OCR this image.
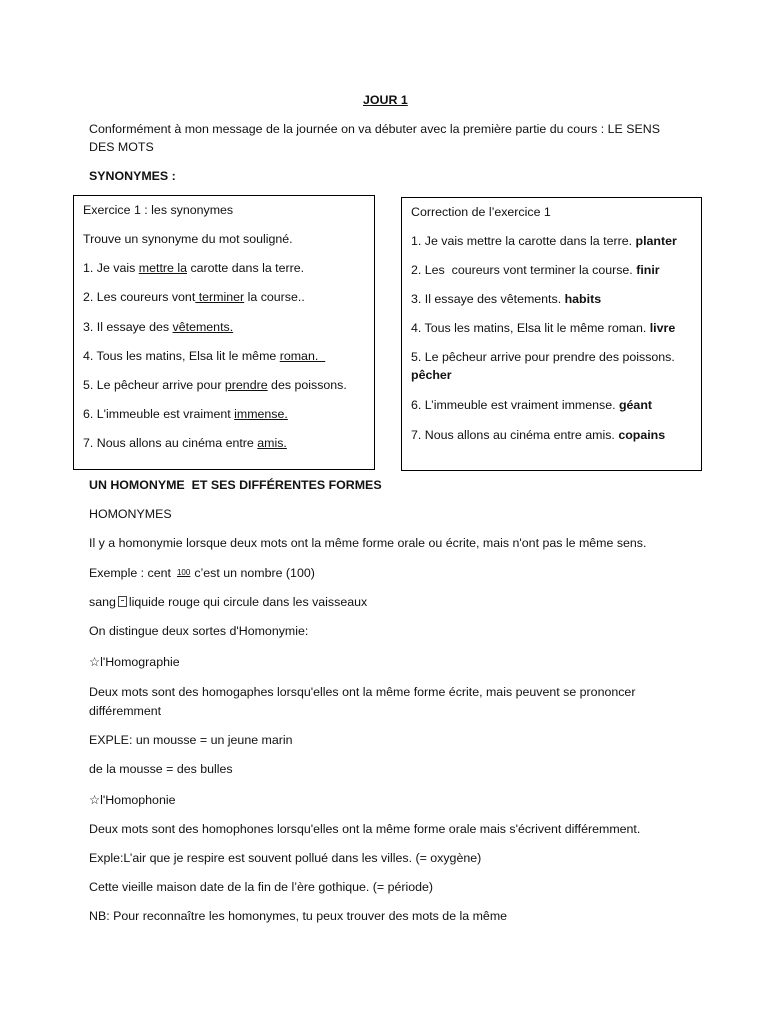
JOUR 1
Conformément à mon message de la journée on va débuter avec la première partie du cours : LE SENS
DES MOTS
SYNONYMES :
Exercice 1 : les synonymes
Trouve un synonyme du mot souligné.
1. Je vais mettre la carotte dans la terre.
2. Les coureurs vont terminer la course..
3. Il essaye des vêtements.
4. Tous les matins, Elsa lit le même roman.
5. Le pêcheur arrive pour prendre des poissons.
6. L'immeuble est vraiment immense.
7. Nous allons au cinéma entre amis.
Correction de l’exercice 1
1. Je vais mettre la carotte dans la terre. planter
2. Les  coureurs vont terminer la course. finir
3. Il essaye des vêtements. habits
4. Tous les matins, Elsa lit le même roman. livre
5. Le pêcheur arrive pour prendre des poissons.
pêcher
6. L’immeuble est vraiment immense. géant
7. Nous allons au cinéma entre amis. copains
UN HOMONYME  ET SES DIFFÉRENTES FORMES
HOMONYMES
Il y a homonymie lorsque deux mots ont la même forme orale ou écrite, mais n'ont pas le même sens.
Exemple : cent 100 c’est un nombre (100)
sang liquide rouge qui circule dans les vaisseaux
On distingue deux sortes d'Homonymie:
☆l'Homographie
Deux mots sont des homogaphes lorsqu'elles ont la même forme écrite, mais peuvent se prononcer
différemment
EXPLE: un mousse = un jeune marin
de la mousse = des bulles
☆l'Homophonie
Deux mots sont des homophones lorsqu'elles ont la même forme orale mais s'écrivent différemment.
Exple:L’air que je respire est souvent pollué dans les villes. (= oxygène)
Cette vieille maison date de la fin de l’ère gothique. (= période)
NB: Pour reconnaître les homonymes, tu peux trouver des mots de la même
